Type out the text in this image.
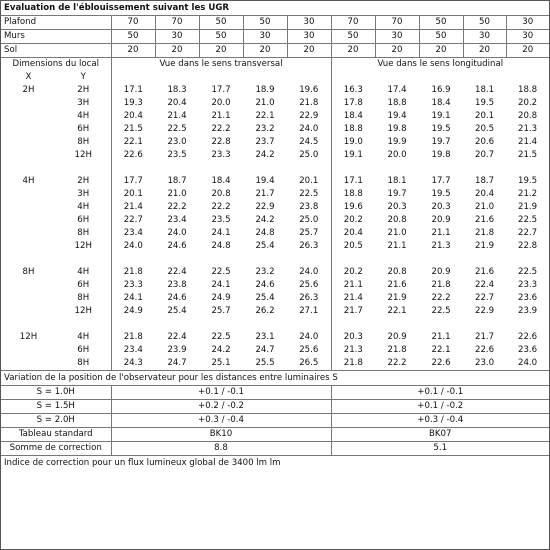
Evaluation de l'éblouissement suivant les UGR
Plafond	70	70	50	50	30	70	70	50	50	30
Murs	50	30	50	30	30	50	30	50	30	30
Sol	20	20	20	20	20	20	20	20	20	20
Dimensions du local		Vue dans le sens transversal					Vue dans le sens longitudinal				
X	Y										
2H	2H	17.1	18.3	17.7	18.9	19.6	16.3	17.4	16.9	18.1	18.8
	3H	19.3	20.4	20.0	21.0	21.8	17.8	18.8	18.4	19.5	20.2
	4H	20.4	21.4	21.1	22.1	22.9	18.4	19.4	19.1	20.1	20.8
	6H	21.5	22.5	22.2	23.2	24.0	18.8	19.8	19.5	20.5	21.3
	8H	22.1	23.0	22.8	23.7	24.5	19.0	19.9	19.7	20.6	21.4
	12H	22.6	23.5	23.3	24.2	25.0	19.1	20.0	19.8	20.7	21.5

4H	2H	17.7	18.7	18.4	19.4	20.1	17.1	18.1	17.7	18.7	19.5
	3H	20.1	21.0	20.8	21.7	22.5	18.8	19.7	19.5	20.4	21.2
	4H	21.4	22.2	22.2	22.9	23.8	19.6	20.3	20.3	21.0	21.9
	6H	22.7	23.4	23.5	24.2	25.0	20.2	20.8	20.9	21.6	22.5
	8H	23.4	24.0	24.1	24.8	25.7	20.4	21.0	21.1	21.8	22.7
	12H	24.0	24.6	24.8	25.4	26.3	20.5	21.1	21.3	21.9	22.8

8H	4H	21.8	22.4	22.5	23.2	24.0	20.2	20.8	20.9	21.6	22.5
	6H	23.3	23.8	24.1	24.6	25.6	21.1	21.6	21.8	22.4	23.3
	8H	24.1	24.6	24.9	25.4	26.3	21.4	21.9	22.2	22.7	23.6
	12H	24.9	25.4	25.7	26.2	27.1	21.7	22.1	22.5	22.9	23.9

12H	4H	21.8	22.4	22.5	23.1	24.0	20.3	20.9	21.1	21.7	22.6
	6H	23.4	23.9	24.2	24.7	25.6	21.3	21.8	22.1	22.6	23.6
	8H	24.3	24.7	25.1	25.5	26.5	21.8	22.2	22.6	23.0	24.0
Variation de la position de l'observateur pour les distances entre luminaires S
S = 1.0H	+0.1 / -0.1	+0.1 / -0.1
S = 1.5H	+0.2 / -0.2	+0.1 / -0.2
S = 2.0H	+0.3 / -0.4	+0.3 / -0.4
Tableau standard	BK10	BK07
Somme de correction	8.8	5.1
Indice de correction pour un flux lumineux global de 3400 lm lm
